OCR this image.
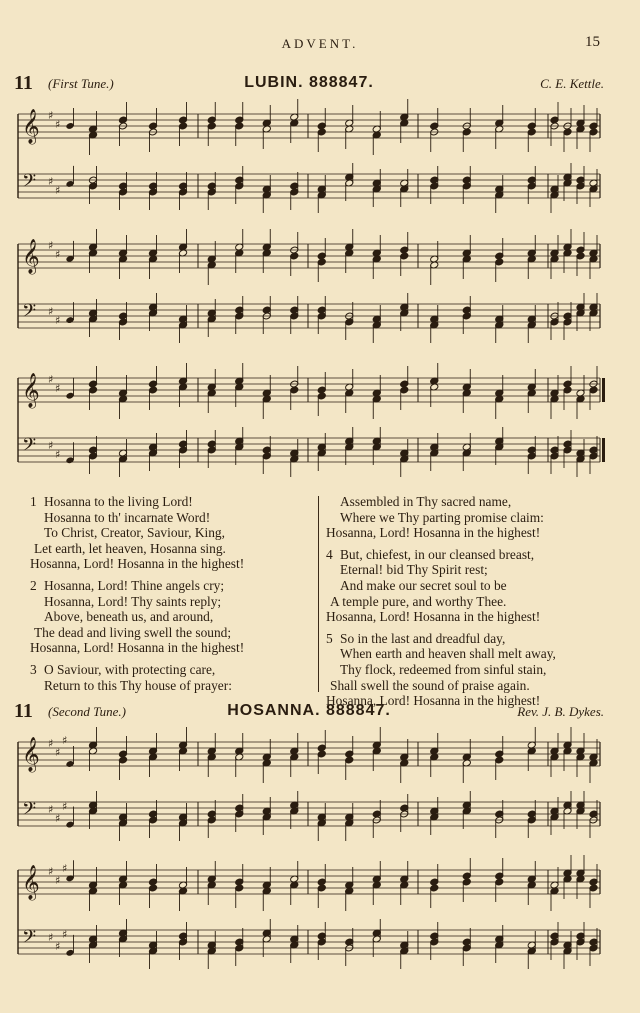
ADVENT.	15
11 (First Tune.)	LUBIN. 888847.	C. E. Kettle.
𝄞 ♯
♯
𝄢 ♯
♯
𝄞 ♯
♯
𝄢 ♯
♯
𝄞 ♯
♯
𝄢 ♯
♯
1 Hosanna to the living Lord!
Hosanna to th' incarnate Word!
To Christ, Creator, Saviour, King,
Let earth, let heaven, Hosanna sing.
Hosanna, Lord! Hosanna in the highest!
2 Hosanna, Lord! Thine angels cry;
Hosanna, Lord! Thy saints reply;
Above, beneath us, and around,
The dead and living swell the sound;
Hosanna, Lord! Hosanna in the highest!
3 O Saviour, with protecting care,
Return to this Thy house of prayer:
Assembled in Thy sacred name,
Where we Thy parting promise claim:
Hosanna, Lord! Hosanna in the highest!
4 But, chiefest, in our cleansed breast,
Eternal! bid Thy Spirit rest;
And make our secret soul to be
A temple pure, and worthy Thee.
Hosanna, Lord! Hosanna in the highest!
5 So in the last and dreadful day,
When earth and heaven shall melt away,
Thy flock, redeemed from sinful stain,
Shall swell the sound of praise again.
Hosanna, Lord! Hosanna in the highest!
11 (Second Tune.)	HOSANNA. 888847.	Rev. J. B. Dykes.
𝄞 ♯
♯
♯
𝄢 ♯
♯
♯
𝄞 ♯
♯
♯
𝄢 ♯
♯
♯
